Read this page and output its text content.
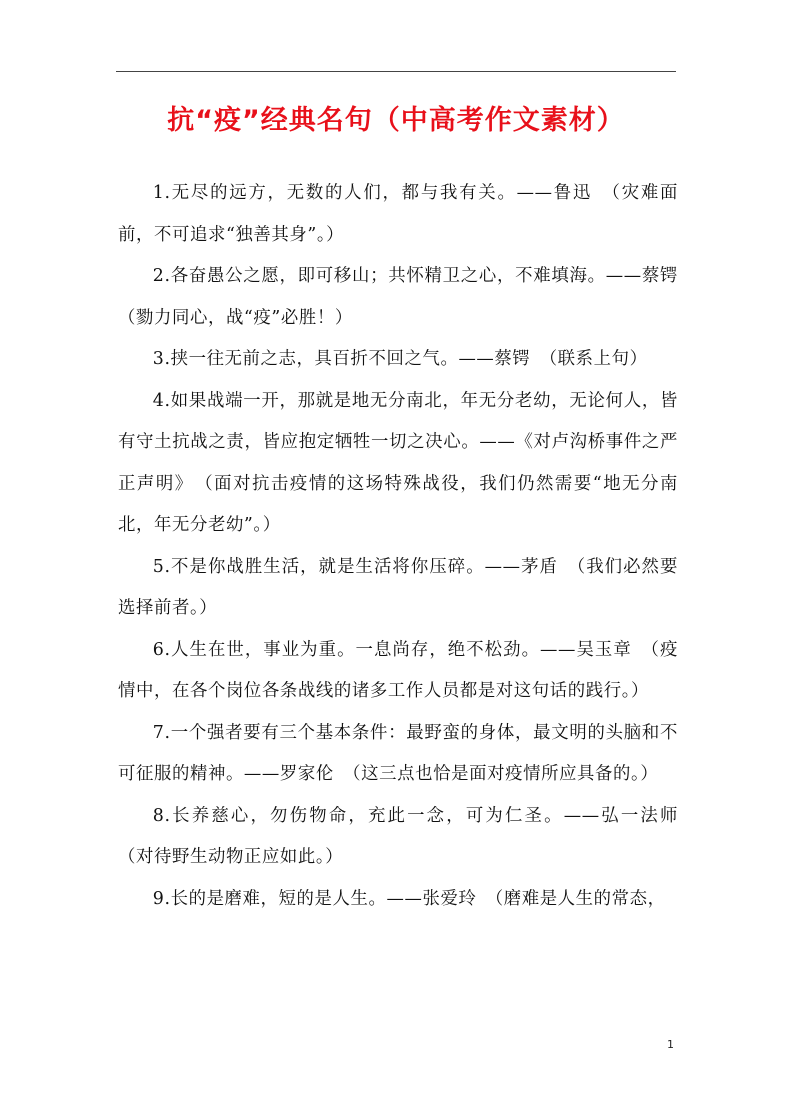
抗“疫”经典名句（中高考作文素材）

1.无尽的远方，无数的人们，都与我有关。——鲁迅　（灾难面前，不可追求“独善其身”。）

2.各奋愚公之愿，即可移山；共怀精卫之心，不难填海。——蔡锷　（勠力同心，战“疫”必胜！）

3.挟一往无前之志，具百折不回之气。——蔡锷　（联系上句）

4.如果战端一开，那就是地无分南北，年无分老幼，无论何人，皆有守土抗战之责，皆应抱定牺牲一切之决心。——《对卢沟桥事件之严正声明》　（面对抗击疫情的这场特殊战役，我们仍然需要“地无分南北，年无分老幼”。）

5.不是你战胜生活，就是生活将你压碎。——茅盾　（我们必然要选择前者。）

6.人生在世，事业为重。一息尚存，绝不松劲。——吴玉章　（疫情中，在各个岗位各条战线的诸多工作人员都是对这句话的践行。）

7.一个强者要有三个基本条件：最野蛮的身体，最文明的头脑和不可征服的精神。——罗家伦　（这三点也恰是面对疫情所应具备的。）

8.长养慈心，勿伤物命，充此一念，可为仁圣。——弘一法师　（对待野生动物正应如此。）

9.长的是磨难，短的是人生。——张爱玲　（磨难是人生的常态，

1
